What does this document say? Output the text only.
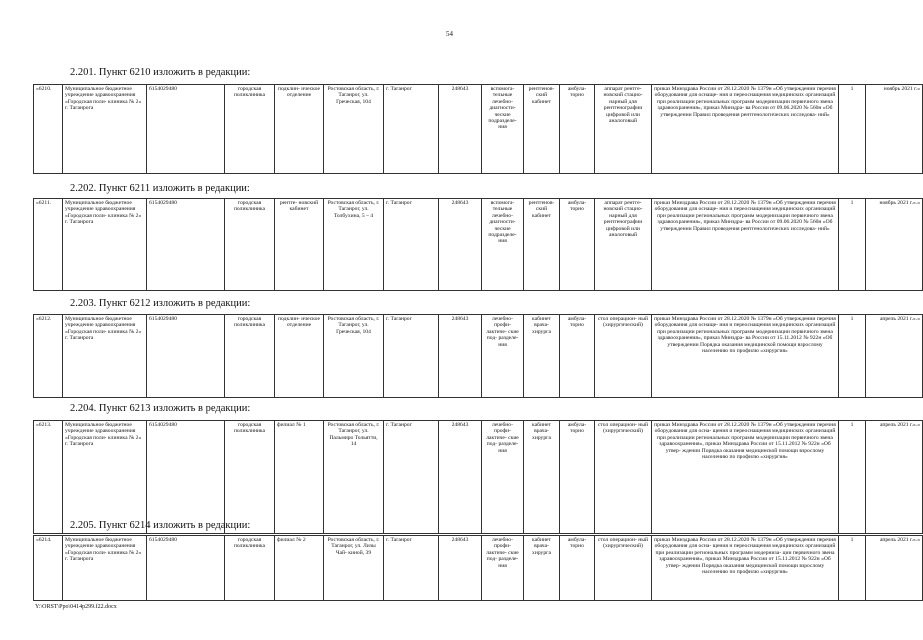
54
2.201. Пункт 6210 изложить в редакции:
«6210.	Муниципальное бюджетное учреждение здравоохранения «Городская поли- клиника № 2» г. Таганрога	6154029480	городская поликлиника	подклин- ическое отделение	Ростовская область, г. Таганрог, ул. Греческая, 104	г. Таганрог	248643	вспомога- тельные лечебно- диагности- ческие подразделе- ния	рентгенов- ский кабинет	амбула- торно	аппарат рентге- новский стацио- нарный для рентгенографии цифровой или аналоговый	приказ Минздрава России от 28.12.2020 № 1379н «Об утверждении перечня оборудования для оснаще- ния и переоснащения медицинских организаций при реализации региональных программ модернизации первичного звена здравоохранения», приказ Минздра- ва России от 09.06.2020 № 560н «Об утверждении Правил проведения рентгенологических исследова- ний»	1	ноябрь 2021 г.»
2.202. Пункт 6211 изложить в редакции:
«6211.	Муниципальное бюджетное учреждение здравоохранения «Городская поли- клиника № 2» г. Таганрога	6154029480	городская поликлиника	рентге- новский кабинет	Ростовская область, г. Таганрог, ул. Толбухина, 5 – 4	г. Таганрог	248643	вспомога- тельные лечебно- диагности- ческие подразделе- ния	рентгенов- ский кабинет	амбула- торно	аппарат рентге- новский стацио- нарный для рентгенографии цифровой или аналоговый	приказ Минздрава России от 28.12.2020 № 1379н «Об утверждении перечня оборудования для оснаще- ния и переоснащения медицинских организаций при реализации региональных программ модернизации первичного звена здравоохранения», приказ Минздра- ва России от 09.06.2020 № 560н «Об утверждении Правил проведения рентгенологических исследова- ний»	1	ноябрь 2021 г.».»
2.203. Пункт 6212 изложить в редакции:
«6212.	Муниципальное бюджетное учреждение здравоохранения «Городская поли- клиника № 2» г. Таганрога	6154029480	городская поликлиника	подклин- ическое отделение	Ростовская область, г. Таганрог, ул. Греческая, 104	г. Таганрог	248643	лечебно- профи- лактиче- ские под- разделе- ния	кабинет врача- хирурга	амбула- торно	стол операцион- ный (хирургический)	приказ Минздрава России от 28.12.2020 № 1379н «Об утверждении перечня оборудования для оснаще- ния и переоснащения медицинских организаций при реализации региональных программ модернизации первичного звена здравоохранения», приказ Минздра- ва России от 15.11.2012 № 922н «Об утверждении Порядка оказания медицинской помощи взрослому населению по профилю «хирургия»	1	апрель 2021 г.».»
2.204. Пункт 6213 изложить в редакции:
«6213.	Муниципальное бюджетное учреждение здравоохранения «Городская поли- клиника № 2» г. Таганрога	6154029480	городская поликлиника	филиал № 1	Ростовская область, г. Таганрог, ул. Пальмиро Тольятти, 14	г. Таганрог	248643	лечебно- профи- лактиче- ские под- разделе- ния	кабинет врача- хирурга	амбула- торно	стол операцион- ный (хирургический)	приказ Минздрава России от 28.12.2020 № 1379н «Об утверждении перечня оборудования для осна- щения и переоснащения медицинских организаций при реализации региональных программ модернизации первичного звена здравоохранения», приказ Минздрава России от 15.11.2012 № 922н «Об утвер- ждении Порядка оказания медицинской помощи взрослому населению по профилю «хирургия»	1	апрель 2021 г.».»
2.205. Пункт 6214 изложить в редакции:
«6214.	Муниципальное бюджетное учреждение здравоохранения «Городская поли- клиника № 2» г. Таганрога	6154029480	городская поликлиника	филиал № 2	Ростовская область, г. Таганрог, ул. Лизы Чай- киной, 39	г. Таганрог	248643	лечебно- профи- лактиче- ские под- разделе- ния	кабинет врача- хирурга	амбула- торно	стол операцион- ный (хирургический)	приказ Минздрава России от 28.12.2020 № 1379н «Об утверждении перечня оборудования для осна- щения и переоснащения медицинских организаций при реализации региональных программ модерниза- ции первичного звена здравоохранения», приказ Минздрава России от 15.11.2012 № 922н «Об утвер- ждении Порядка оказания медицинской помощи взрослому населению по профилю «хирургия»	1	апрель 2021 г.».»
Y:\ORST\Ppo\0414p299.f22.docx
